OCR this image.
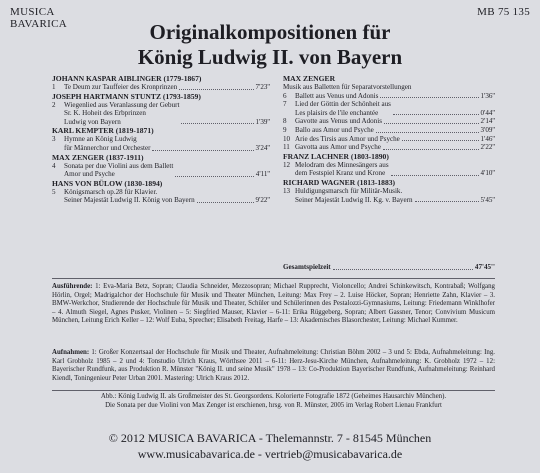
MUSICA
BAVARICA
MB 75 135
Originalkompositionen für
König Ludwig II. von Bayern
JOHANN KASPAR AIBLINGER (1779-1867)
1	Te Deum zur Tauffeier des Kronprinzen	7'23''
JOSEPH HARTMANN STUNTZ (1793-1859)
2	Wiegenlied aus Veranlassung der Geburt
Sr. K. Hoheit des Erbprinzen
Ludwig von Bayern	1'39''
KARL KEMPTER (1819-1871)
3	Hymne an König Ludwig
für Männerchor und Orchester	3'24''
MAX ZENGER (1837-1911)
4	Sonata per due Violini aus dem Ballett
Amor und Psyche	4'11''
HANS VON BÜLOW (1830-1894)
5	Königsmarsch op.28 für Klavier.
Seiner Majestät Ludwig II. König von Bayern	9'22''
MAX ZENGER
Musik aus Balletten für Separatvorstellungen
6	Ballett aus Venus und Adonis	1'36''
7	Lied der Göttin der Schönheit aus
Les plaisirs de l'ile enchantée	0'44''
8	Gavotte aus Venus und Adonis	2'14''
9	Ballo aus Amor und Psyche	3'09''
10 Arie des Tirsis aus Amor und Psyche	1'46''
11 Gavotta aus Amor und Psyche	2'22''
FRANZ LACHNER (1803-1890)
12 Melodram des Minnesängers aus
dem Festspiel Kranz und Krone	4'10''
RICHARD WAGNER (1813-1883)
13 Huldigungsmarsch für Militär-Musik.
Seiner Majestät Ludwig II. Kg. v. Bayern	5'45''
Gesamtspielzeit	47'45''
Ausführende: 1: Eva-Maria Betz, Sopran; Claudia Schneider, Mezzosopran; Michael Rupprecht, Violoncello; Andrei Schinkewitsch, Kontrabaß; Wolfgang Hörlin, Orgel; Madrigalchor der Hochschule für Musik und Theater München, Leitung: Max Frey – 2. Luise Höcker, Sopran; Henriette Zahn, Klavier – 3. BMW-Werkchor, Studierende der Hochschule für Musik und Theater, Schüler und Schülerinnen des Pestalozzi-Gymnasiums, Leitung: Friedemann Winklhofer – 4. Almuth Siegel, Agnes Pusker, Violinen – 5: Siegfried Mauser, Klavier – 6-11: Erika Rüggeberg, Sopran; Albert Gassner, Tenor; Convivium Musicum München, Leitung Erich Keller – 12: Wolf Euba, Sprecher; Elisabeth Freitag, Harfe – 13: Akademisches Blasorchester, Leitung: Michael Kummer.
Aufnahmen: 1: Großer Konzertsaal der Hochschule für Musik und Theater, Aufnahmeleitung: Christian Böhm 2002 – 3 und 5: Ebda, Aufnahmeleitung: Ing. Karl Grobholz 1985 – 2 und 4: Tonstudio Ulrich Kraus, Wörthsee 2011 – 6-11: Herz-Jesu-Kirche München, Aufnahmeleitung: K. Grobholz 1972 – 12: Bayerischer Rundfunk, aus Produktion R. Münster "König II. und seine Musik" 1978 – 13: Co-Produktion Bayerischer Rundfunk, Aufnahmeleitung: Reinhard Kiendl, Toningenieur Peter Urban 2001. Mastering: Ulrich Kraus 2012.
Abb.: König Ludwig II. als Großmeister des St. Georgsordens. Kolorierte Fotografie 1872 (Geheimes Hausarchiv München).
Die Sonata per due Violini von Max Zenger ist erschienen, hrsg. von R. Münster, 2005 im Verlag Robert Lienau Frankfurt
© 2012 MUSICA BAVARICA - Thelemannstr. 7 - 81545 München
www.musicabavarica.de - vertrieb@musicabavarica.de
